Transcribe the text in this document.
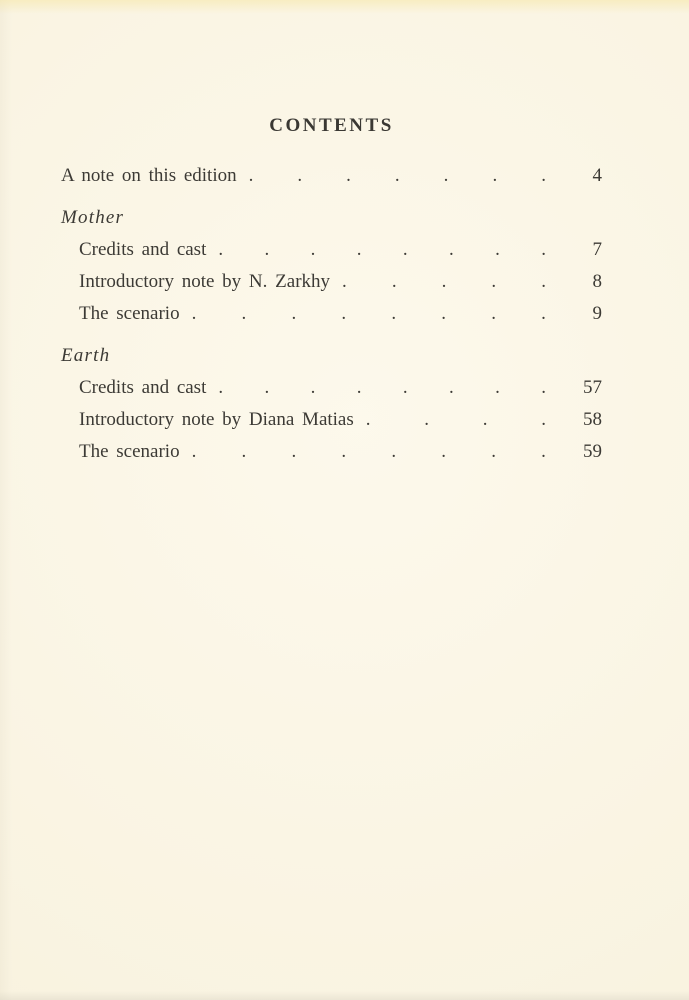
CONTENTS
A note on this edition . . . . . . .	4
Mother
Credits and cast . . . . . . . .	7
Introductory note by N. Zarkhy . . . . .	8
The scenario . . . . . . . .	9
Earth
Credits and cast . . . . . . . .	57
Introductory note by Diana Matias .	.	.	.	58
The scenario . . . . . . . .	59
